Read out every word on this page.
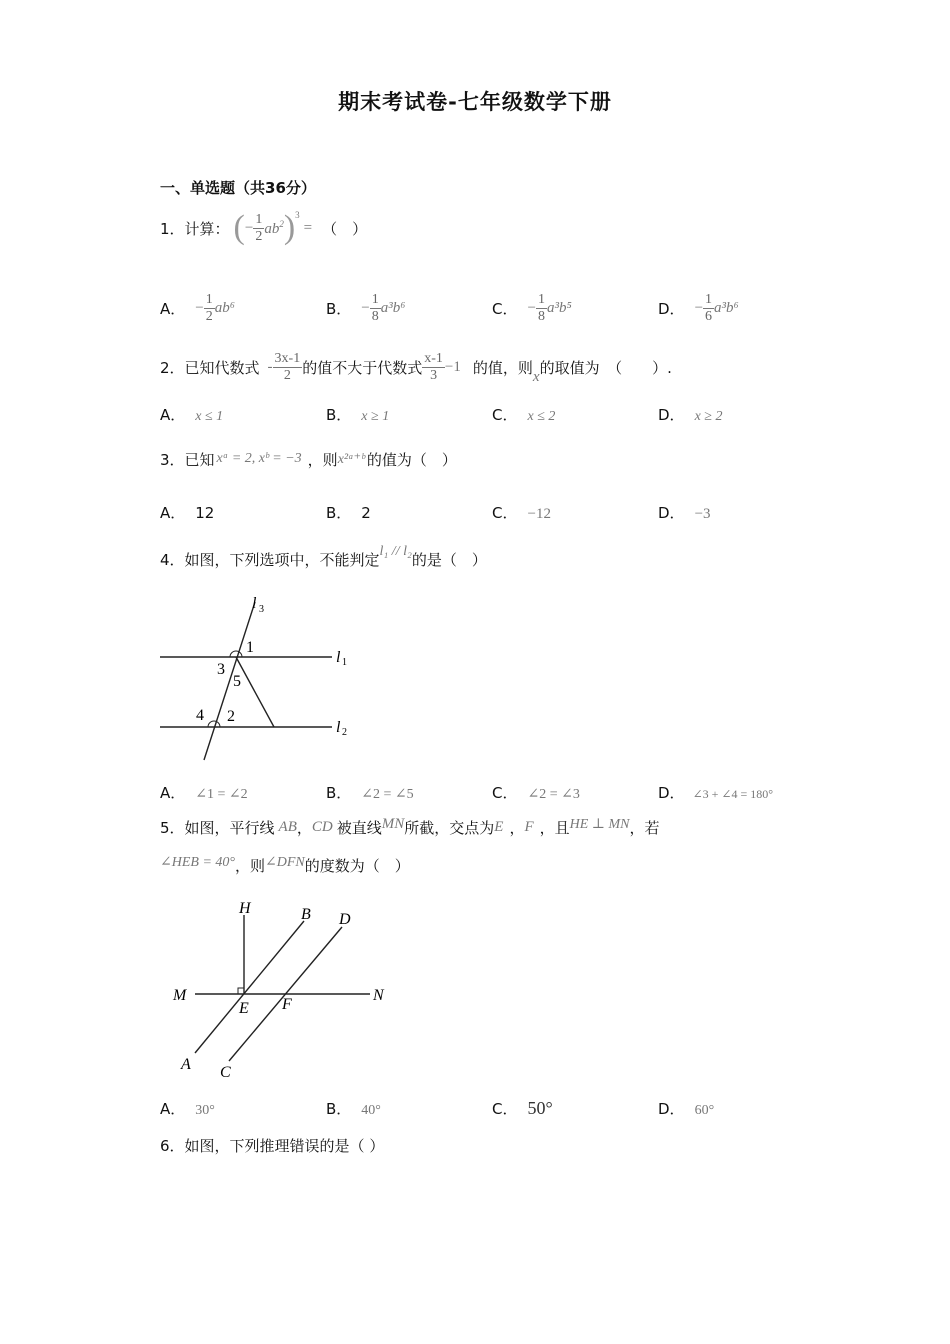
期末考试卷-七年级数学下册
一、单选题（共36分）
1．计算： ( − $\frac{1}{2} ab^2$ ) 3
= （　）
A． − $\frac{1}{2} ab^6$	B． − $\frac{1}{8} a^3b^6$	C． − $\frac{1}{8} a^3b^5$	D． − $\frac{1}{6} a^3b^6$
2．已知代数式 - $\frac{3x-1}{2}$ 的值不大于代数式 $\frac{x-1}{3} -1$ 的值，则
x
的取值为　（　　）.
A． x ≤ 1	B． x ≥ 1	C． x ≤ 2	D． x ≥ 2
3．已知 xᵃ = 2, xᵇ = −3 ，则 x²ᵃ⁺ᵇ 的值为（　）
A． 12	B． 2	C． −12	D． −3
4．如图，下列选项中，不能判定 l₁ // l₂ 的是（　）
l 3
l 1
l 2
1
3
5
4 2
A． ∠1 = ∠2	B． ∠2 = ∠5	C． ∠2 = ∠3	D． ∠3 + ∠4 = 180°
5．如图，平行线 AB ， CD 被直线 MN 所截，交点为 E ， F ，且 HE ⊥ MN ，若
∠HEB = 40° ，则 ∠DFN 的度数为（　）
H	B D
M	N
E F
A C
A． 30°	B． 40°	C． 50°	D． 60°
6．如图，下列推理错误的是（ ）
